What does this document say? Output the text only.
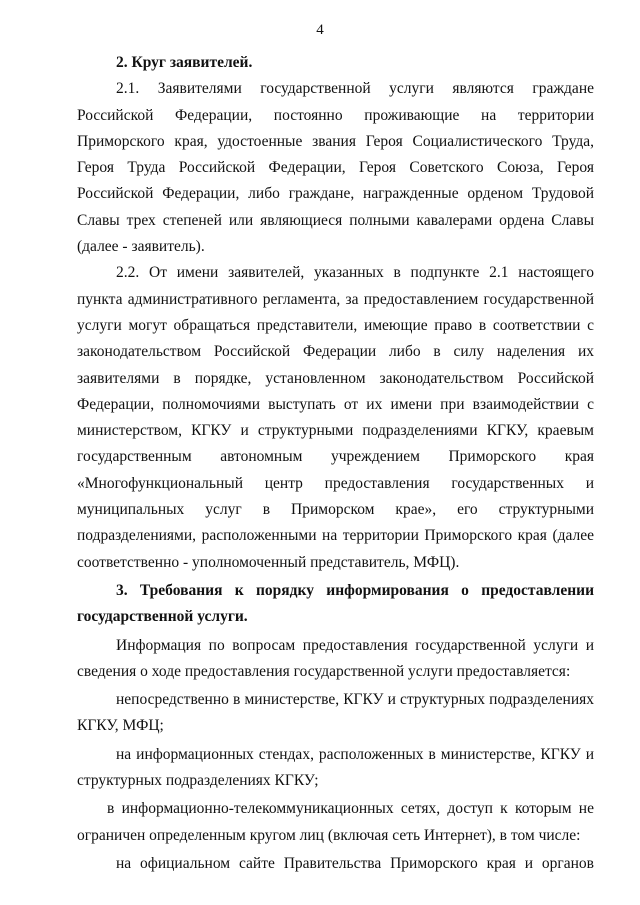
4

2. Круг заявителей.

2.1. Заявителями государственной услуги являются граждане Российской Федерации, постоянно проживающие на территории Приморского края, удостоенные звания Героя Социалистического Труда, Героя Труда Российской Федерации, Героя Советского Союза, Героя Российской Федерации, либо граждане, награжденные орденом Трудовой Славы трех степеней или являющиеся полными кавалерами ордена Славы (далее - заявитель).

2.2. От имени заявителей, указанных в подпункте 2.1 настоящего пункта административного регламента, за предоставлением государственной услуги могут обращаться представители, имеющие право в соответствии с законодательством Российской Федерации либо в силу наделения их заявителями в порядке, установленном законодательством Российской Федерации, полномочиями выступать от их имени при взаимодействии с министерством, КГКУ и структурными подразделениями КГКУ, краевым государственным автономным учреждением Приморского края «Многофункциональный центр предоставления государственных и муниципальных услуг в Приморском крае», его структурными подразделениями, расположенными на территории Приморского края (далее соответственно - уполномоченный представитель, МФЦ).

3. Требования к порядку информирования о предоставлении государственной услуги.

Информация по вопросам предоставления государственной услуги и сведения о ходе предоставления государственной услуги предоставляется:

непосредственно в министерстве, КГКУ и структурных подразделениях КГКУ, МФЦ;

на информационных стендах, расположенных в министерстве, КГКУ и структурных подразделениях КГКУ;

в информационно-телекоммуникационных сетях, доступ к которым не ограничен определенным кругом лиц (включая сеть Интернет), в том числе:

на официальном сайте Правительства Приморского края и органов
